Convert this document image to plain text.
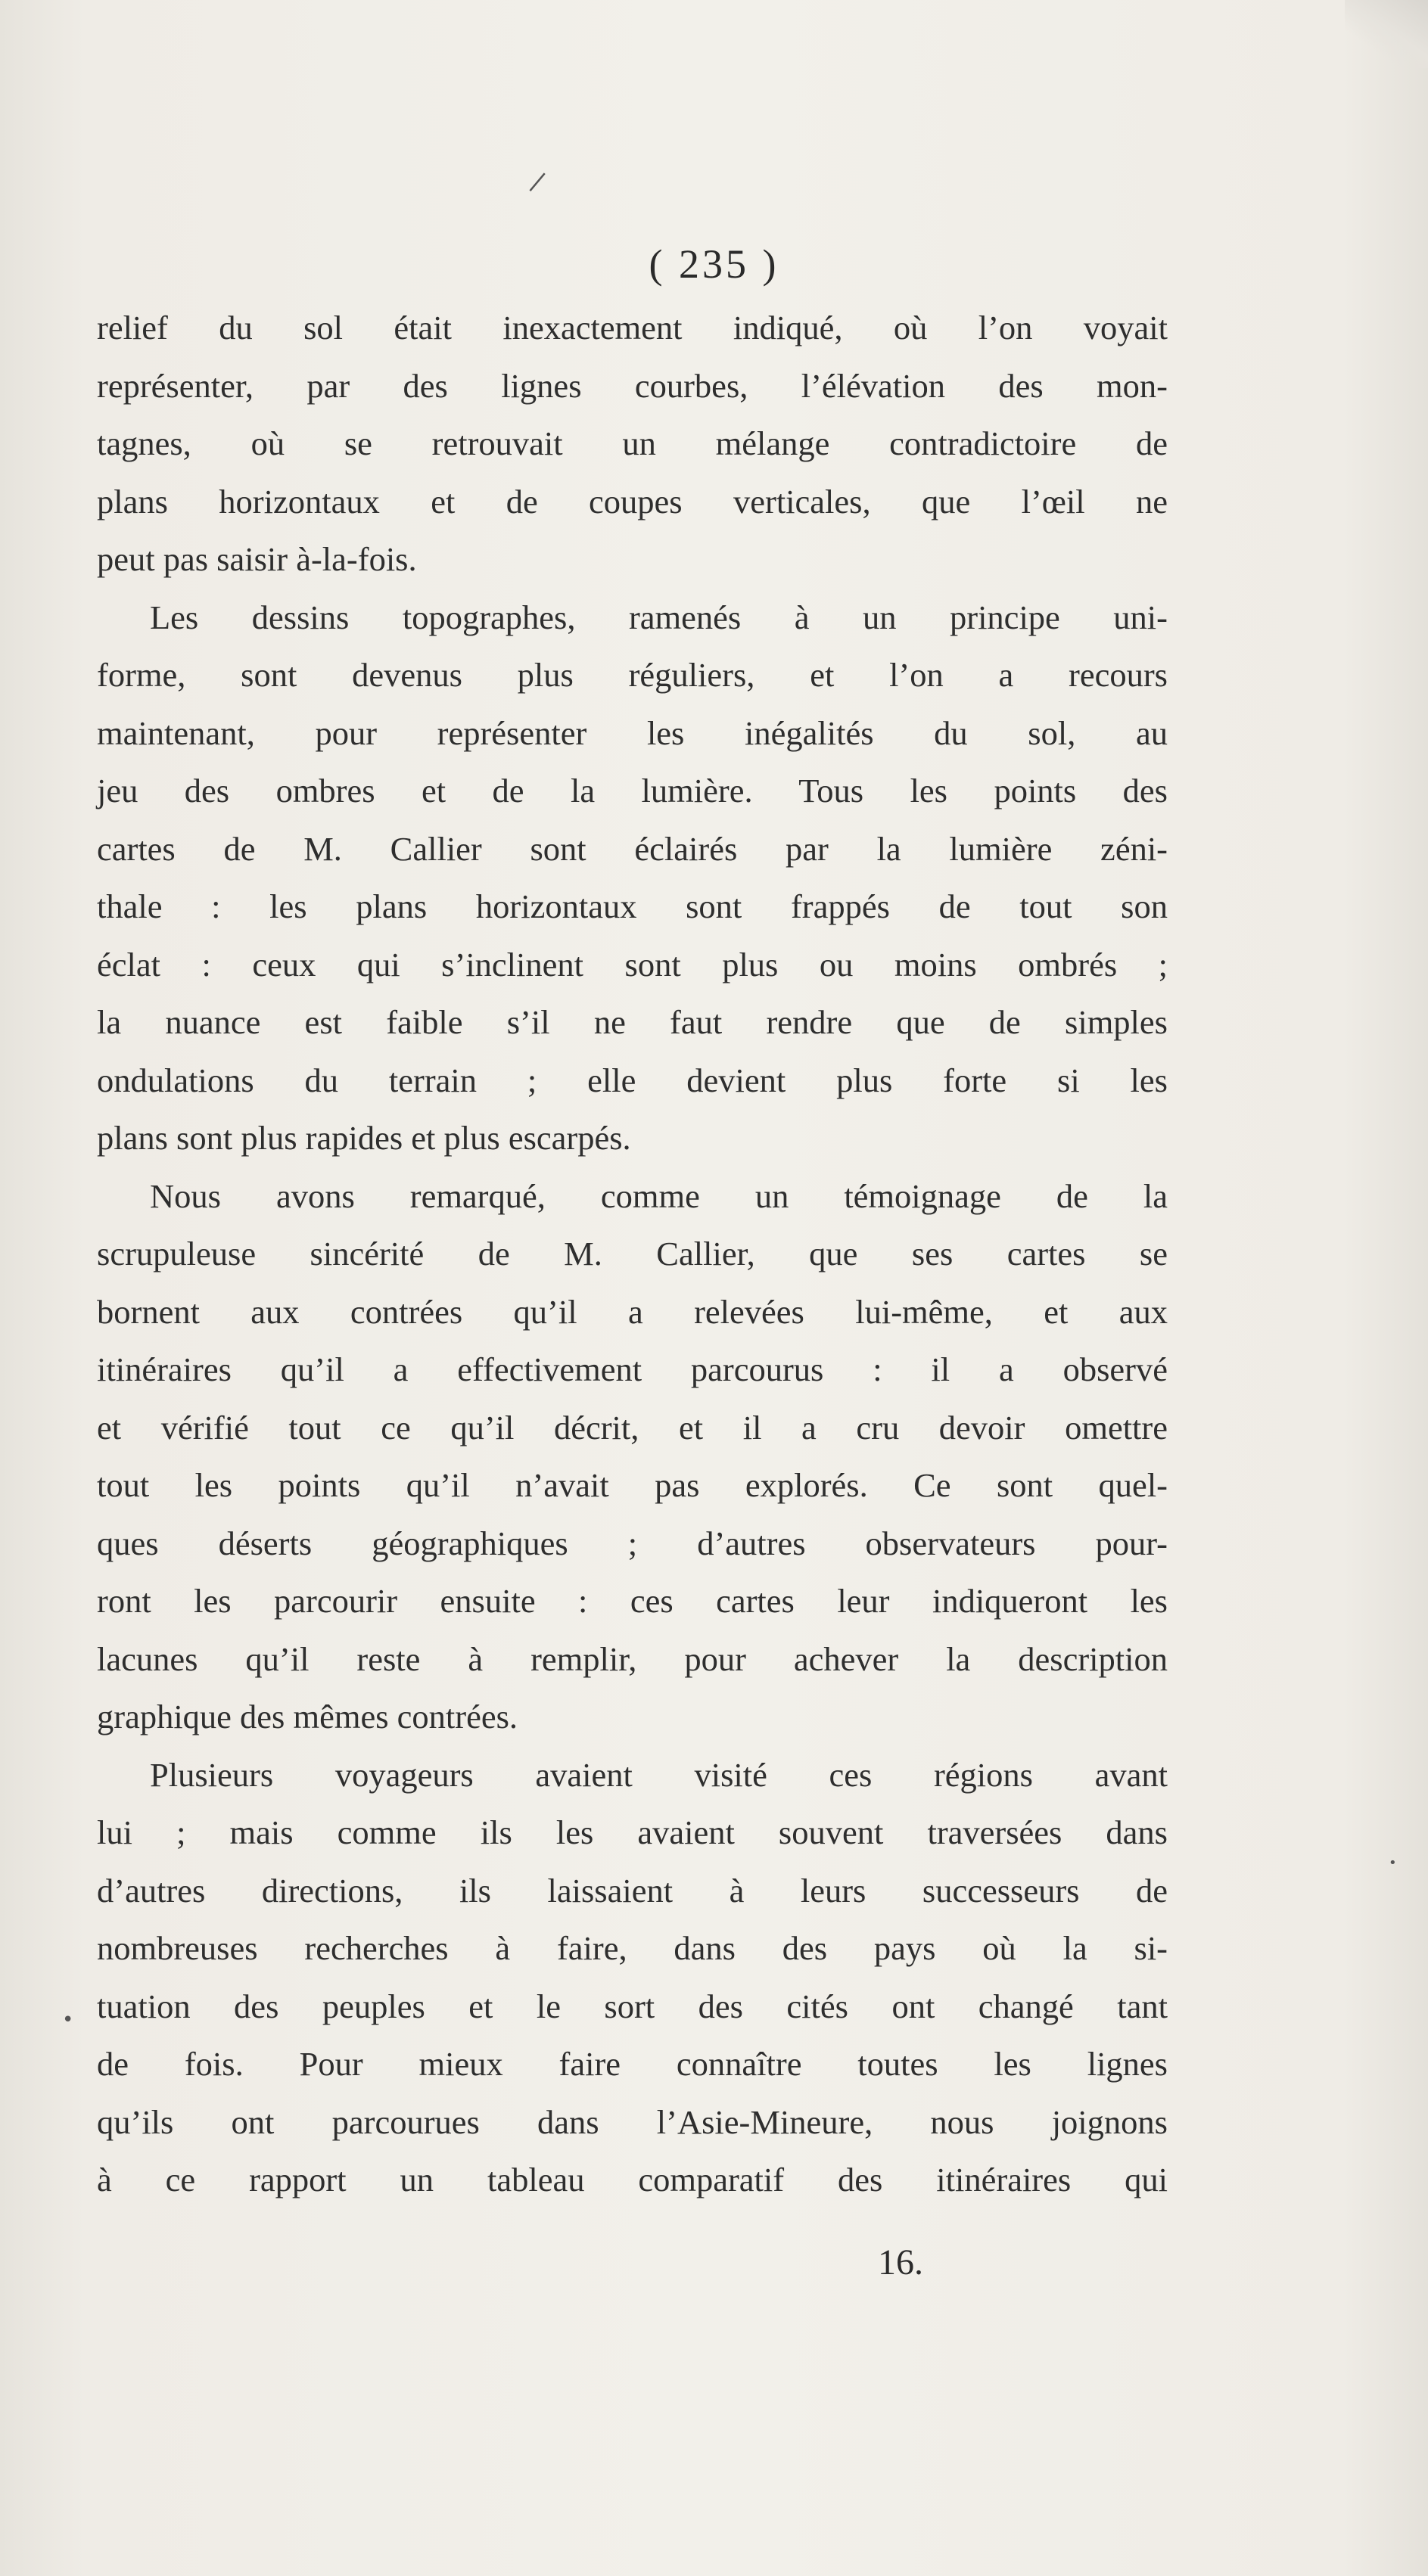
|
•
•
( 235 )

relief du sol était inexactement indiqué, où l’on voyait
représenter, par des lignes courbes, l’élévation des mon-
tagnes, où se retrouvait un mélange contradictoire de
plans horizontaux et de coupes verticales, que l’œil ne
peut pas saisir à-la-fois.

Les dessins topographes, ramenés à un principe uni-
forme, sont devenus plus réguliers, et l’on a recours
maintenant, pour représenter les inégalités du sol, au
jeu des ombres et de la lumière. Tous les points des
cartes de M. Callier sont éclairés par la lumière zéni-
thale : les plans horizontaux sont frappés de tout son
éclat : ceux qui s’inclinent sont plus ou moins ombrés ;
la nuance est faible s’il ne faut rendre que de simples
ondulations du terrain ; elle devient plus forte si les
plans sont plus rapides et plus escarpés.

Nous avons remarqué, comme un témoignage de la
scrupuleuse sincérité de M. Callier, que ses cartes se
bornent aux contrées qu’il a relevées lui-même, et aux
itinéraires qu’il a effectivement parcourus : il a observé
et vérifié tout ce qu’il décrit, et il a cru devoir omettre
tout les points qu’il n’avait pas explorés. Ce sont quel-
ques déserts géographiques ; d’autres observateurs pour-
ront les parcourir ensuite : ces cartes leur indiqueront les
lacunes qu’il reste à remplir, pour achever la description
graphique des mêmes contrées.

Plusieurs voyageurs avaient visité ces régions avant
lui ; mais comme ils les avaient souvent traversées dans
d’autres directions, ils laissaient à leurs successeurs de
nombreuses recherches à faire, dans des pays où la si-
tuation des peuples et le sort des cités ont changé tant
de fois. Pour mieux faire connaître toutes les lignes
qu’ils ont parcourues dans l’Asie-Mineure, nous joignons
à ce rapport un tableau comparatif des itinéraires qui

16.
